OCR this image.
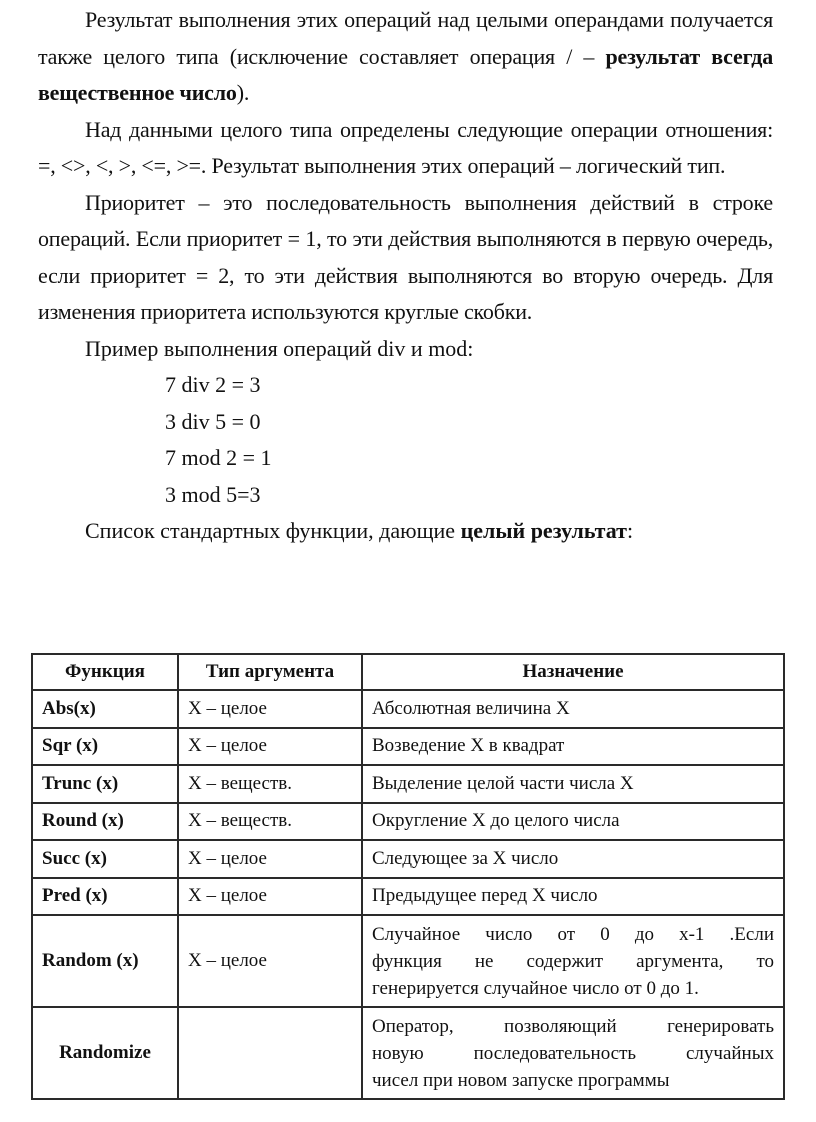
Результат выполнения этих операций над целыми операндами получается также целого типа (исключение составляет операция / – результат всегда вещественное число).

Над данными целого типа определены следующие операции отношения: =, <>, <, >, <=, >=. Результат выполнения этих операций – логический тип.

Приоритет – это последовательность выполнения действий в строке операций. Если приоритет = 1, то эти действия выполняются в первую очередь, если приоритет = 2, то эти действия выполняются во вторую очередь. Для изменения приоритета используются круглые скобки.

Пример выполнения операций div и mod:

7 div 2 = 3

3 div 5 = 0

7 mod 2 = 1

3 mod 5=3

Список стандартных функции, дающие целый результат:

Функция	Тип аргумента	Назначение
Abs(x)	X – целое	Абсолютная величина X
Sqr (x)	X – целое	Возведение X в квадрат
Trunc (x)	X – веществ.	Выделение целой части числа X
Round (x)	X – веществ.	Округление X до целого числа
Succ (x)	X – целое	Следующее за X число
Pred (x)	X – целое	Предыдущее перед X число
Random (x)	X – целое	Случайное число от 0 до x-1 .Если
функция не содержит аргумента, то
генерируется случайное число от 0 до 1.

Randomize		Оператор, позволяющий генерировать
новую последовательность случайных
чисел при новом запуске программы
